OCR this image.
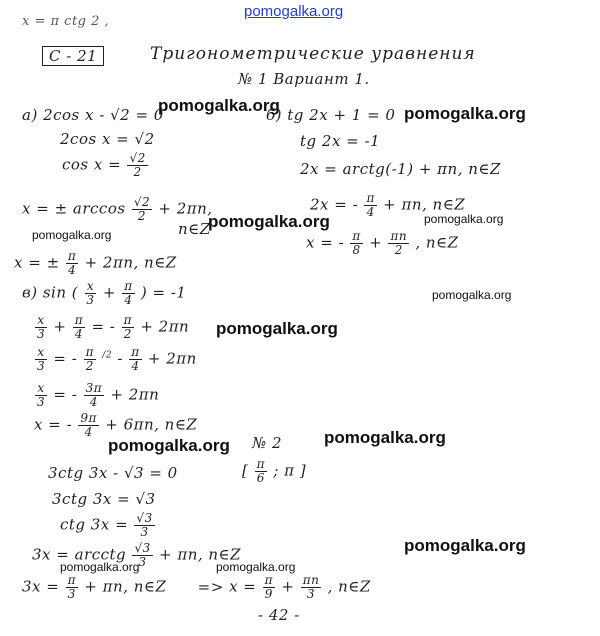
pomogalka.org
x = π ctg 2 ,
C - 21	Тригонометрические уравнения
№ 1 Вариант 1.
а) 2cos x - √2 = 0
2cos x = √2
$\cos x = \frac{√2}{2}$
x = ± $\arccos \frac{√2}{2} + 2\pi n$,
n∈Z
x = ± $\frac{\pi}{4} + 2\pi n$, n∈Z
б) tg 2x + 1 = 0
tg 2x = -1
2x = arctg(-1) + πn, n∈Z
2x = - $\frac{\pi}{4} + \pi n$, n∈Z
x = - $\frac{\pi}{8} + \frac{\pi n}{2}$ , n∈Z
в) sin ( $\frac{x}{3} + \frac{\pi}{4}$ ) = -1
$\frac{x}{3} + \frac{\pi}{4}$ = - $\frac{\pi}{2} + 2\pi n$
$\frac{x}{3}$ = - $\frac{\pi}{2} ^{/2} - \frac{\pi}{4} + 2\pi n$
$\frac{x}{3}$ = - $\frac{3\pi}{4} + 2\pi n$
x = - $\frac{9\pi}{4} + 6\pi n$, n∈Z
№ 2
[ $\frac{\pi}{6}$ ; π ]
3ctg 3x - √3 = 0
3ctg 3x = √3
ctg $3x = \frac{√3}{3}$
3x = arcctg $\frac{√3}{3} + \pi n$, n∈Z
$3x = \frac{\pi}{3} + \pi n$, n∈Z => $x = \frac{\pi}{9} + \frac{\pi n}{3}$ , n∈Z
- 42 -
pomogalka.org	pomogalka.org
pomogalka.org	pomogalka.org
pomogalka.org
pomogalka.org
pomogalka.org
pomogalka.org	pomogalka.org
pomogalka.org
pomogalka.org	pomogalka.org
